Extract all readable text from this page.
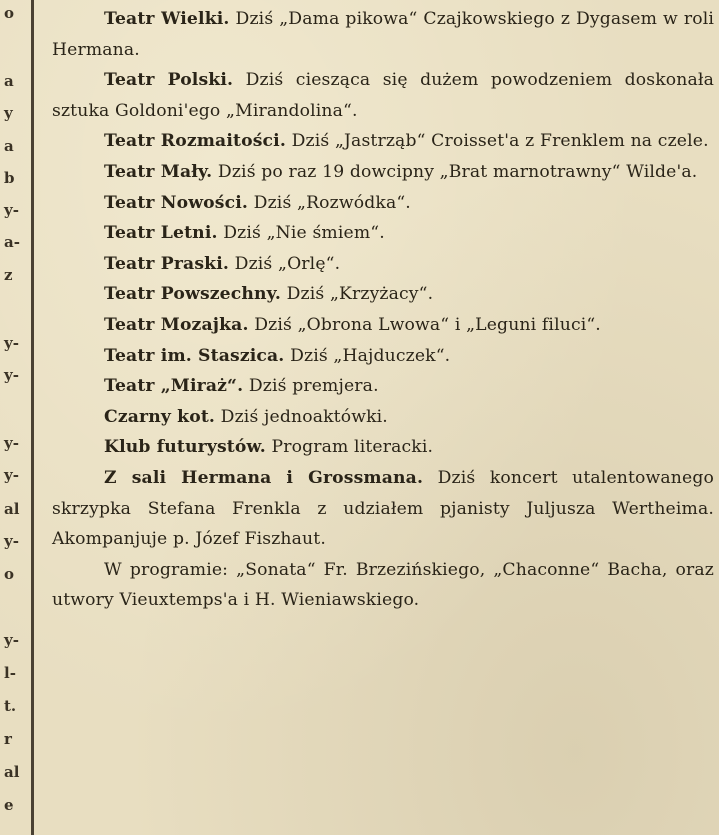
o
a
y
a
b
y-
a-
z
y-
y-
y-
y-
al
y-
o
y-
l-
t.
r
al
e

Teatr Wielki. Dziś „Dama pikowa“ Czajkowskiego z Dygasem w roli Hermana.

Teatr Polski. Dziś ciesząca się dużem powodzeniem doskonała sztuka Goldoni'ego „Mirandolina“.

Teatr Rozmaitości. Dziś „Jastrząb“ Croisset'a z Frenklem na czele.

Teatr Mały. Dziś po raz 19 dowcipny „Brat marnotrawny“ Wilde'a.

Teatr Nowości. Dziś „Rozwódka“.

Teatr Letni. Dziś „Nie śmiem“.

Teatr Praski. Dziś „Orlę“.

Teatr Powszechny. Dziś „Krzyżacy“.

Teatr Mozajka. Dziś „Obrona Lwowa“ i „Leguni filuci“.

Teatr im. Staszica. Dziś „Hajduczek“.

Teatr „Miraż“. Dziś premjera.

Czarny kot. Dziś jednoaktówki.

Klub futurystów. Program literacki.

Z sali Hermana i Grossmana. Dziś koncert utalentowanego skrzypka Stefana Frenkla z udziałem pjanisty Juljusza Wertheima. Akompanjuje p. Józef Fiszhaut.

W programie: „Sonata“ Fr. Brzezińskiego, „Chaconne“ Bacha, oraz utwory Vieuxtemps'a i H. Wieniawskiego.
